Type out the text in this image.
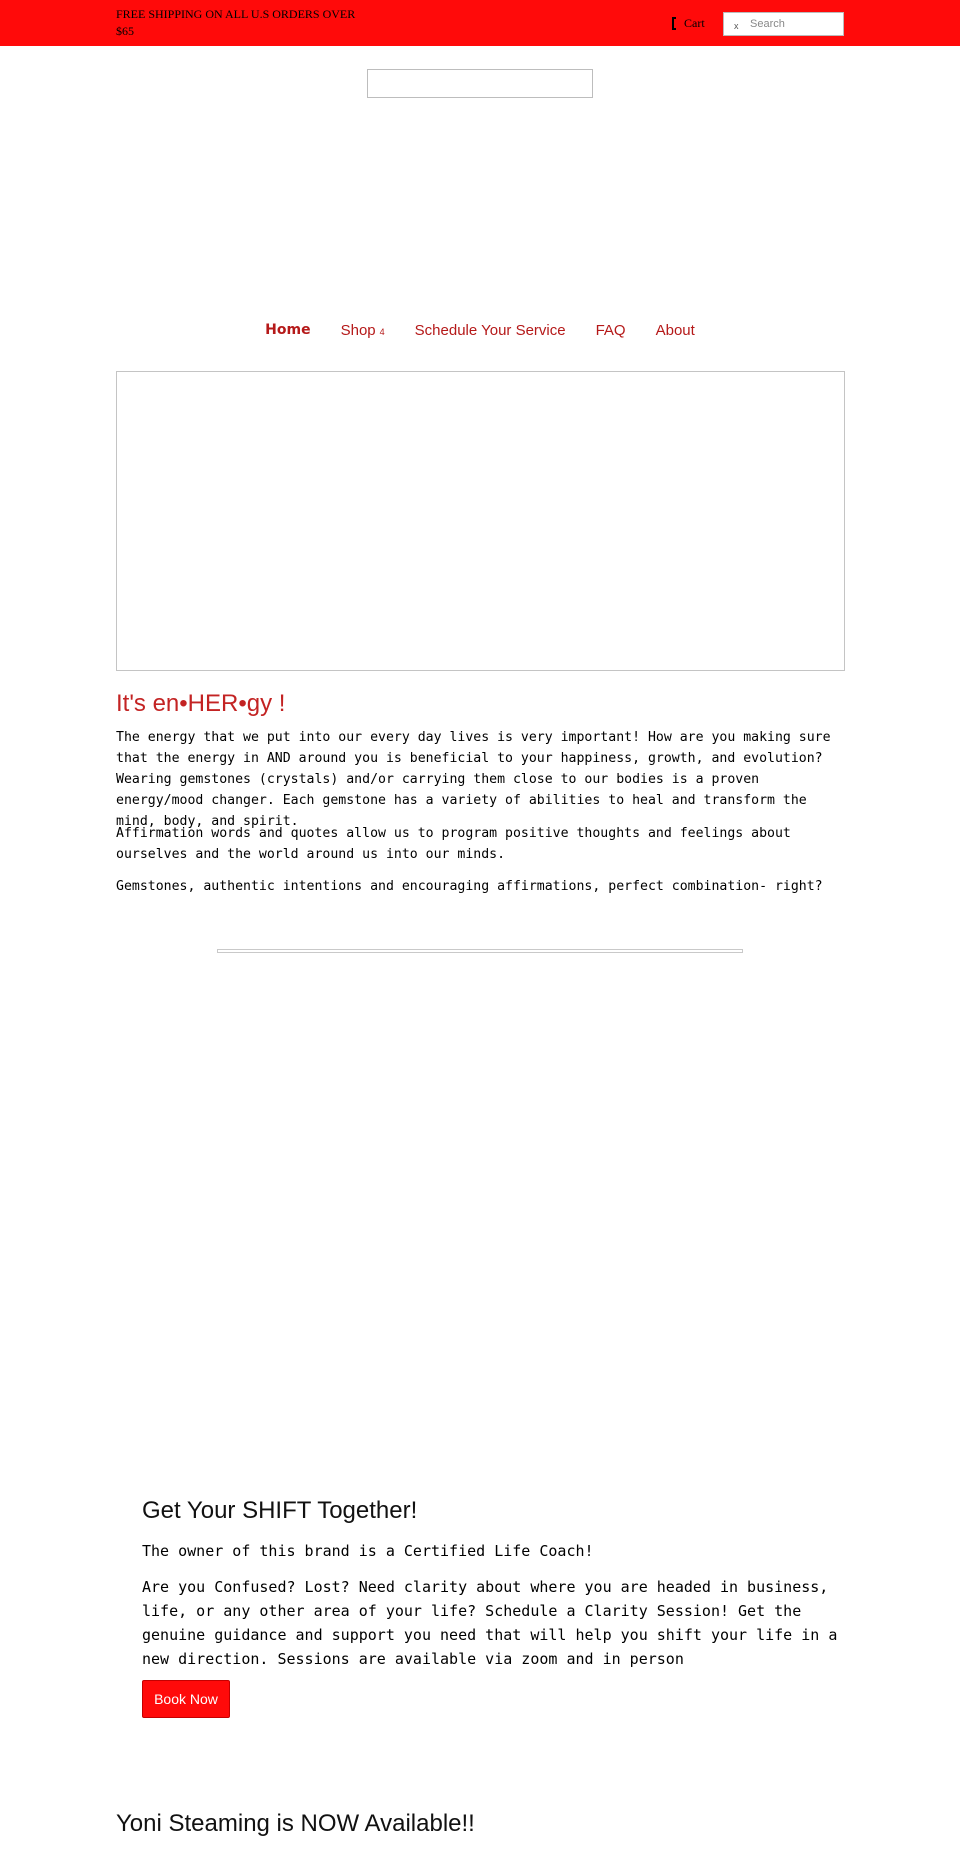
FREE SHIPPING ON ALL U.S ORDERS OVER $65
Cart	x
Search
Home Shop 4 Schedule Your Service FAQ About
It's en•HER•gy !

The energy that we put into our every day lives is very important! How are you making sure that the energy in AND around you is beneficial to your happiness, growth, and evolution? Wearing gemstones (crystals) and/or carrying them close to our bodies is a proven energy/mood changer. Each gemstone has a variety of abilities to heal and transform the mind, body, and spirit.

Affirmation words and quotes allow us to program positive thoughts and feelings about ourselves and the world around us into our minds.

Gemstones, authentic intentions and encouraging affirmations, perfect combination- right?

Get Your SHIFT Together!

The owner of this brand is a Certified Life Coach!

Are you Confused? Lost? Need clarity about where you are headed in business, life, or any other area of your life? Schedule a Clarity Session! Get the genuine guidance and support you need that will help you shift your life in a new direction. Sessions are available via zoom and in person

Book Now
Yoni Steaming is NOW Available!!
